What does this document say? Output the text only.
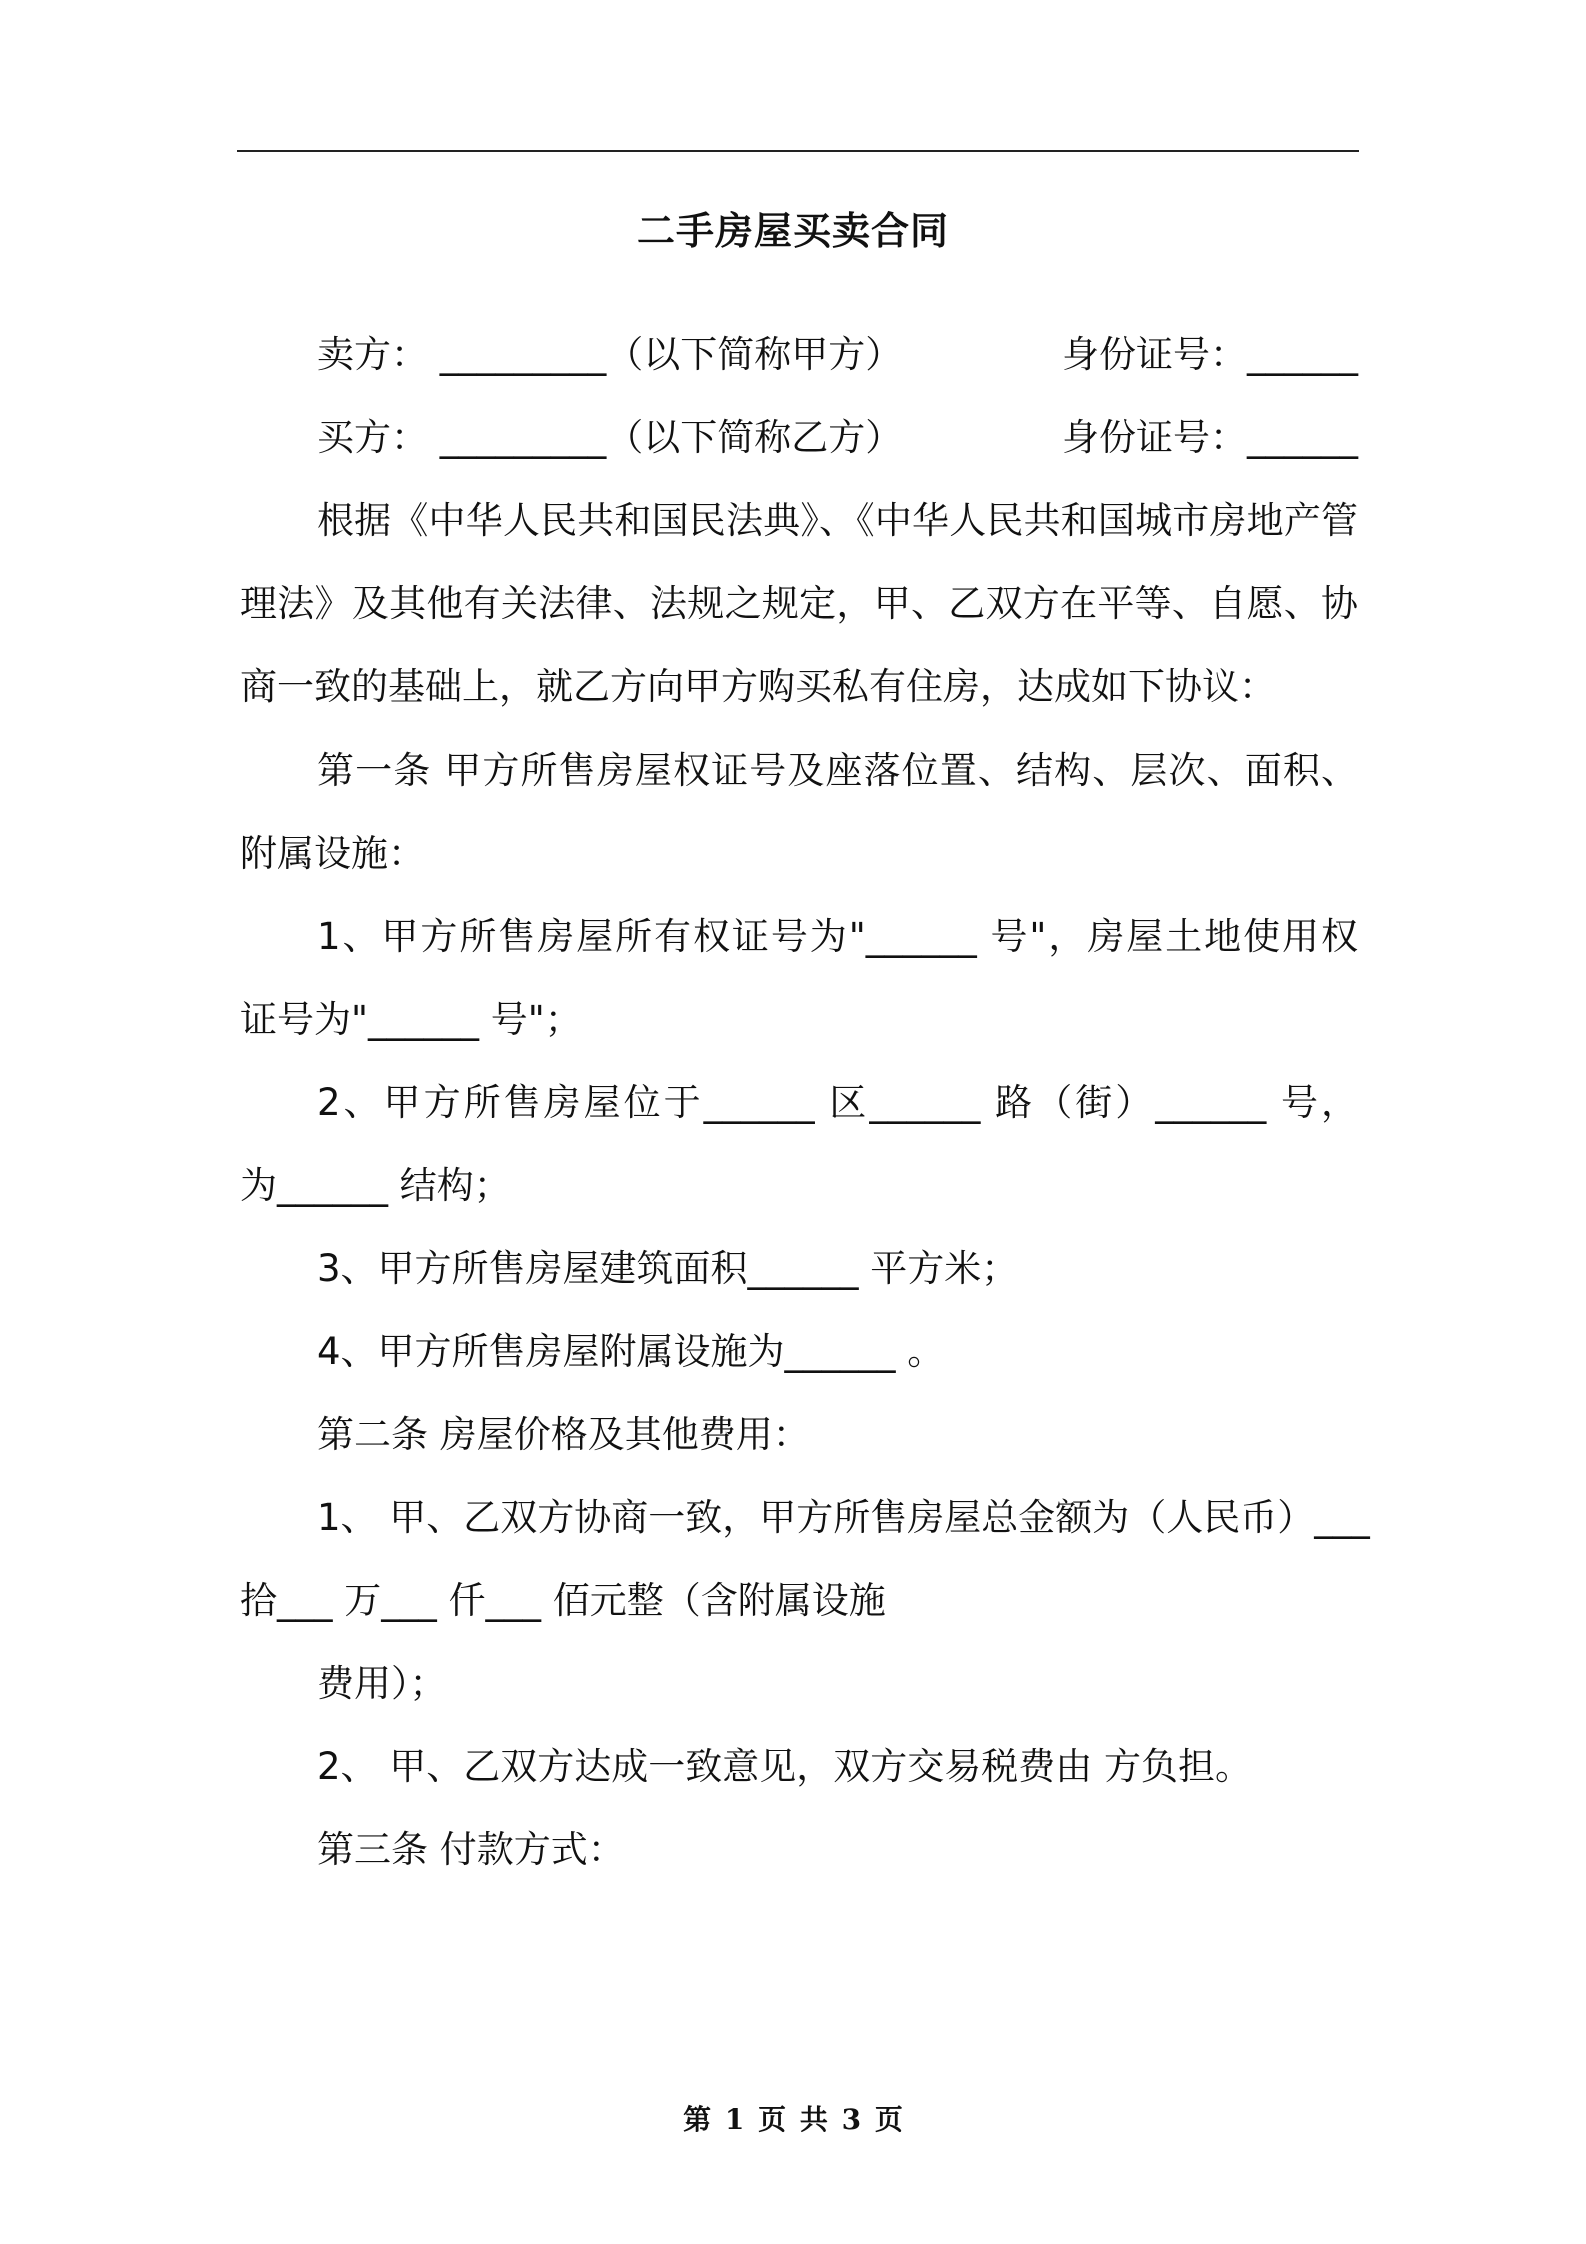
二手房屋买卖合同
卖方： _________（以下简称甲方）	身份证号：______
买方： _________（以下简称乙方）	身份证号：______
根据《中华人民共和国民法典》、《中华人民共和国城市房地产管
理法》及其他有关法律、法规之规定，甲、乙双方在平等、自愿、协
商一致的基础上，就乙方向甲方购买私有住房，达成如下协议：
第一条 甲方所售房屋权证号及座落位置、结构、层次、面积、
附属设施：
1、甲方所售房屋所有权证号为"______ 号"，房屋土地使用权
证号为"______ 号"；
2、甲方所售房屋位于______ 区______ 路（街）______ 号，
为______ 结构；
3、甲方所售房屋建筑面积______ 平方米；
4、甲方所售房屋附属设施为______ 。
第二条 房屋价格及其他费用：
1、 甲、乙双方协商一致，甲方所售房屋总金额为（人民币）___
拾___ 万___ 仟___ 佰元整（含附属设施
费用）；
2、 甲、乙双方达成一致意见，双方交易税费由 方负担。
第三条 付款方式：
第 1 页 共 3 页
